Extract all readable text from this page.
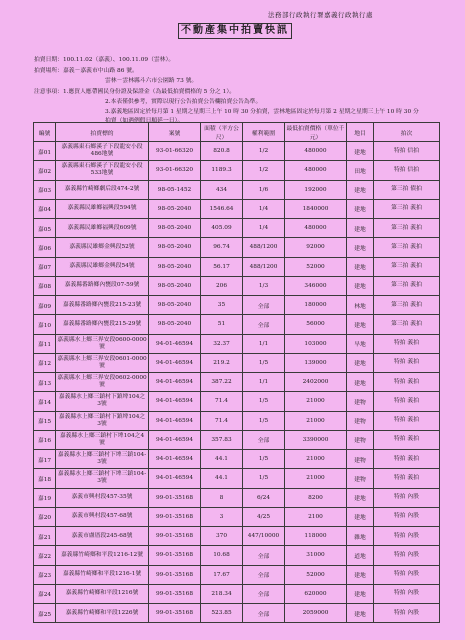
法務部行政執行署嘉義行政執行處
不動產集中拍賣快訊
拍賣日期：100.11.02（嘉義）、100.11.09（雲林）。
拍賣場所：嘉義－嘉義市中山路 86 號。
雲林－雲林縣斗六市公園路 73 號。
注意事項：1.應買人應帶國民身份證及保證金（為最低拍賣價格的 5 分之 1）。
2.本表僅供參考，實際以現行公告拍賣公告欄拍賣公告為準。
3.嘉義地區固定於每月第 1 星期之星期三上午 10 時 30 分拍賣，雲林地區固定於每月第 2 星期之星期三上午 10 時 30 分
拍賣（如遇例假日順延一日）。
編號	拍賣標的	案號	面積（平方公尺）	權利範圍	最低拍賣價格（單位千元）	地目	拍次
嘉01	嘉義縣東石鄉溪子下段龍安小段486地號	93-01-66320	820.8	1/2	480000	建地	特拍 信拍
嘉02	嘉義縣東石鄉溪子下段龍安小段533地號	93-01-66320	1189.3	1/2	480000	田地	特拍 信拍
嘉03	嘉義縣竹崎鄉劇后段474-2號	98-05-1452	434	1/6	192000	建地	第三拍 債拍
嘉04	嘉義縣民雄鄉福興段594號	98-05-2040	1546.64	1/4	1840000	建地	第三拍 義拍
嘉05	嘉義縣民雄鄉福興段609號	98-05-2040	405.09	1/4	480000	建地	第三拍 義拍
嘉06	嘉義縣民雄鄉金興段52號	98-05-2040	96.74	488/1200	92000	建地	第三拍 義拍
嘉07	嘉義縣民雄鄉金興段54號	98-05-2040	56.17	488/1200	52000	建地	第三拍 義拍
嘉08	嘉義縣番路鄉內甕段07-59號	98-05-2040	206	1/3	346000	建地	第三拍 義拍
嘉09	嘉義縣番路鄉內甕段215-23號	98-05-2040	35	全部	180000	林地	第三拍 義拍
嘉10	嘉義縣番路鄉內甕段215-29號	98-05-2040	51	全部	56000	建地	第三拍 義拍
嘉11	嘉義縣水上鄉三界安段0600-0000號	94-01-46594	32.37	1/1	103000	旱地	特拍 義拍
嘉12	嘉義縣水上鄉三界安段0601-0000號	94-01-46594	219.2	1/5	139000	建地	特拍 義拍
嘉13	嘉義縣水上鄉三界安段0602-0000號	94-01-46594	387.22	1/1	2402000	建地	特拍 義拍
嘉14	嘉義縣水上鄉三鎮村下鎮埤104之3號	94-01-46594	71.4	1/5	21000	建物	特拍 義拍
嘉15	嘉義縣水上鄉三鎮村下鎮埤104之3號	94-01-46594	71.4	1/5	21000	建物	特拍 義拍
嘉16	嘉義縣水上鄉三鎮村下埤104之4號	94-01-46594	357.83	全部	3390000	建物	特拍 義拍
嘉17	嘉義縣水上鄉三鎮村下埤三鎮104-3號	94-01-46594	44.1	1/5	21000	建物	特拍 義拍
嘉18	嘉義縣水上鄉三鎮村下埤三鎮104-3號	94-01-46594	44.1	1/5	21000	建物	特拍 義拍
嘉19	嘉義市興村段457-35號	99-01-35168	8	6/24	8200	建地	特拍 內股
嘉20	嘉義市興村段457-68號	99-01-35168	3	4/25	2100	建地	特拍 內股
嘉21	嘉義市盧厝段245-68號	99-01-35168	370	447/10000	118000	雜地	特拍 內股
嘉22	嘉義縣竹崎鄉和平段1216-12號	99-01-35168	10.68	全部	31000	道地	特拍 內股
嘉23	嘉義縣竹崎鄉和平段1216-1號	99-01-35168	17.67	全部	52000	建地	特拍 內股
嘉24	嘉義縣竹崎鄉和平段1216號	99-01-35168	218.34	全部	620000	建地	特拍 內股
嘉25	嘉義縣竹崎鄉和平段1226號	99-01-35168	523.85	全部	2059000	建地	特拍 內股
